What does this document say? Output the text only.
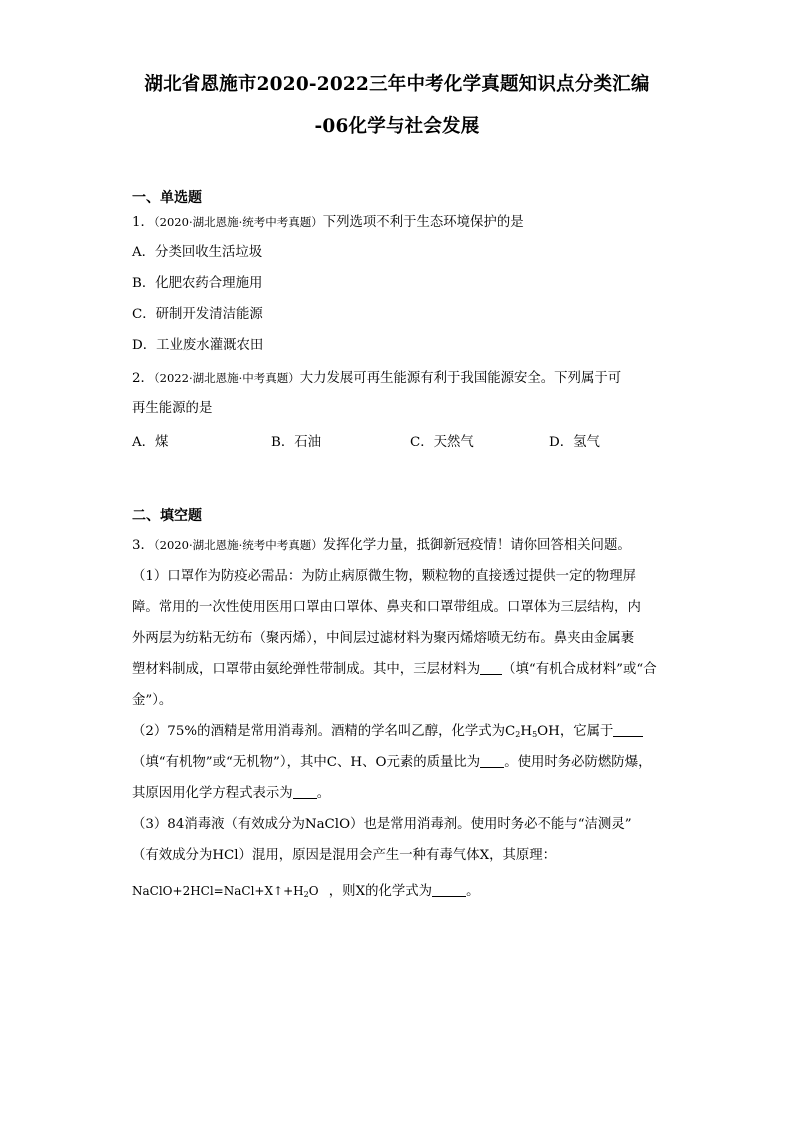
湖北省恩施市2020-2022三年中考化学真题知识点分类汇编
-06化学与社会发展
一、单选题
1．（2020·湖北恩施·统考中考真题）下列选项不利于生态环境保护的是
A．分类回收生活垃圾
B．化肥农药合理施用
C．研制开发清洁能源
D．工业废水灌溉农田
2．（2022·湖北恩施·中考真题）大力发展可再生能源有利于我国能源安全。下列属于可
再生能源的是
A．煤	B．石油	C．天然气	D．氢气
二、填空题
3．（2020·湖北恩施·统考中考真题）发挥化学力量，抵御新冠疫情！请你回答相关问题。
（1）口罩作为防疫必需品：为防止病原微生物，颗粒物的直接透过提供一定的物理屏
障。常用的一次性使用医用口罩由口罩体、鼻夹和口罩带组成。口罩体为三层结构，内
外两层为纺粘无纺布（聚丙烯），中间层过滤材料为聚丙烯熔喷无纺布。鼻夹由金属裹
塑材料制成，口罩带由氨纶弹性带制成。其中，三层材料为 （填“有机合成材料”或“合
金”）。
（2）75%的酒精是常用消毒剂。酒精的学名叫乙醇，化学式为$C_2H_5OH$，它属于
（填“有机物”或“无机物”），其中C、H、O元素的质量比为 。使用时务必防燃防爆，
其原因用化学方程式表示为 。
（3）84消毒液（有效成分为NaClO）也是常用消毒剂。使用时务必不能与“洁测灵”
（有效成分为HCl）混用，原因是混用会产生一种有毒气体X，其原理：
$NaClO+2HCl=NaCl+X↑+H_2O$ ，则X的化学式为	。
